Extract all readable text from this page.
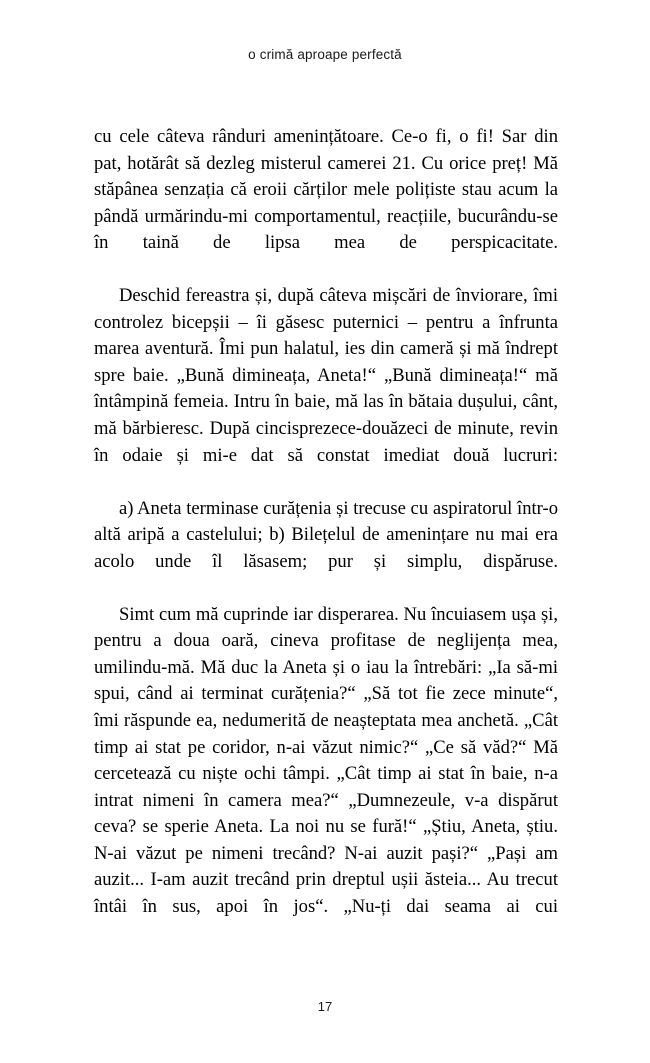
o crimă aproape perfectă

cu cele câteva rânduri amenințătoare. Ce-o fi, o fi! Sar din pat, hotărât să dezleg misterul camerei 21. Cu orice preț! Mă stăpânea senzația că eroii cărților mele polițiste stau acum la pândă urmărindu-mi comportamentul, reacțiile, bucurându-se în taină de lipsa mea de perspicacitate.

Deschid fereastra și, după câteva mișcări de înviorare, îmi controlez bicepșii – îi găsesc puternici – pentru a înfrunta marea aventură. Îmi pun halatul, ies din cameră și mă îndrept spre baie. „Bună dimineața, Aneta!“ „Bună dimineața!“ mă întâmpină femeia. Intru în baie, mă las în bătaia dușului, cânt, mă bărbieresc. După cincisprezece-douăzeci de minute, revin în odaie și mi-e dat să constat imediat două lucruri:

a) Aneta terminase curățenia și trecuse cu aspiratorul într-o altă aripă a castelului; b) Bilețelul de amenințare nu mai era acolo unde îl lăsasem; pur și simplu, dispăruse.

Simt cum mă cuprinde iar disperarea. Nu încuiasem ușa și, pentru a doua oară, cineva profitase de neglijența mea, umilindu-mă. Mă duc la Aneta și o iau la întrebări: „Ia să-mi spui, când ai terminat curățenia?“ „Să tot fie zece minute“, îmi răspunde ea, nedumerită de neașteptata mea anchetă. „Cât timp ai stat pe coridor, n-ai văzut nimic?“ „Ce să văd?“ Mă cercetează cu niște ochi tâmpi. „Cât timp ai stat în baie, n-a intrat nimeni în camera mea?“ „Dumnezeule, v-a dispărut ceva? se sperie Aneta. La noi nu se fură!“ „Știu, Aneta, știu. N-ai văzut pe nimeni trecând? N-ai auzit pași?“ „Pași am auzit... I-am auzit trecând prin dreptul ușii ăsteia... Au trecut întâi în sus, apoi în jos“. „Nu-ți dai seama ai cui

17
